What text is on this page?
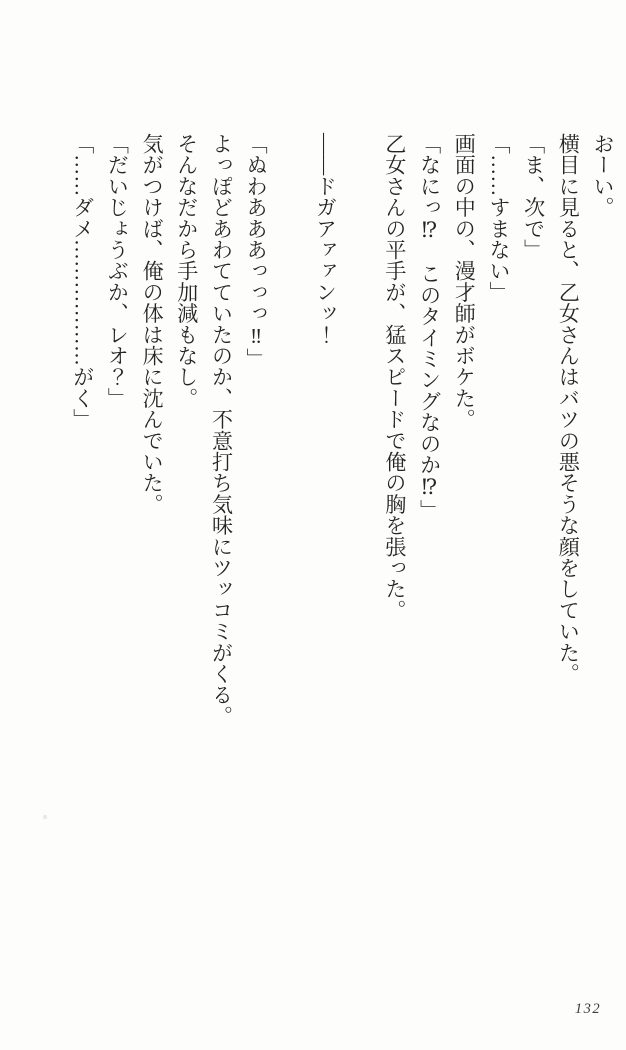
おーい。
横目に見ると、乙女さんはバツの悪そうな顔をしていた。
「ま、次で」
「……すまない」
画面の中の、漫才師がボケた。
「なにっ⁉　このタイミングなのか⁉」
乙女さんの平手が、猛スピードで俺の胸を張った。
――ドガアァァンッ！
「ぬわあああっっっ‼」
よっぽどあわてていたのか、不意打ち気味にツッコミがくる。
そんなだから手加減もなし。
気がつけば、俺の体は床に沈んでいた。
「だいじょうぶか、レオ？」
「……ダメ………………がく」
132
